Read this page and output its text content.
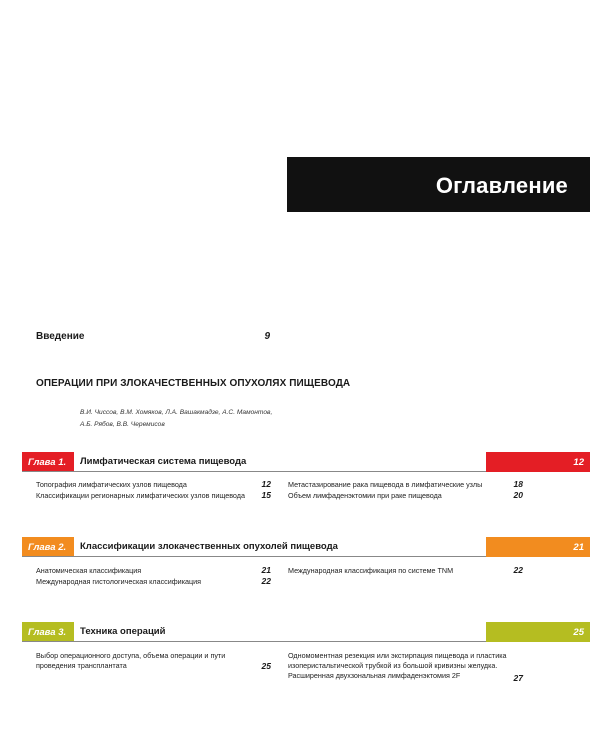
Оглавление
Введение	9
ОПЕРАЦИИ ПРИ ЗЛОКАЧЕСТВЕННЫХ ОПУХОЛЯХ ПИЩЕВОДА
В.И. Чиссов, В.М. Хомяков, Л.А. Вашакмадзе, А.С. Мамонтов,
А.Б. Рябов, В.В. Черемисов
Глава 1.	Лимфатическая система пищевода	12
Топография лимфатических узлов пищевода	12
Классификации регионарных лимфатических узлов пищевода	15
Метастазирование рака пищевода в лимфатические узлы	18
Объем лимфаденэктомии при раке пищевода	20
Глава 2.	Классификации злокачественных опухолей пищевода	21
Анатомическая классификация	21
Международная гистологическая классификация	22
Международная классификация по системе TNM	22
Глава 3.	Техника операций	25
Выбор операционного доступа, объема операции и пути
проведения трансплантата	25
Одномоментная резекция или экстирпация пищевода и пластика
изоперистальтической трубкой из большой кривизны желудка.
Расширенная двухзональная лимфаденэктомия 2F	27
